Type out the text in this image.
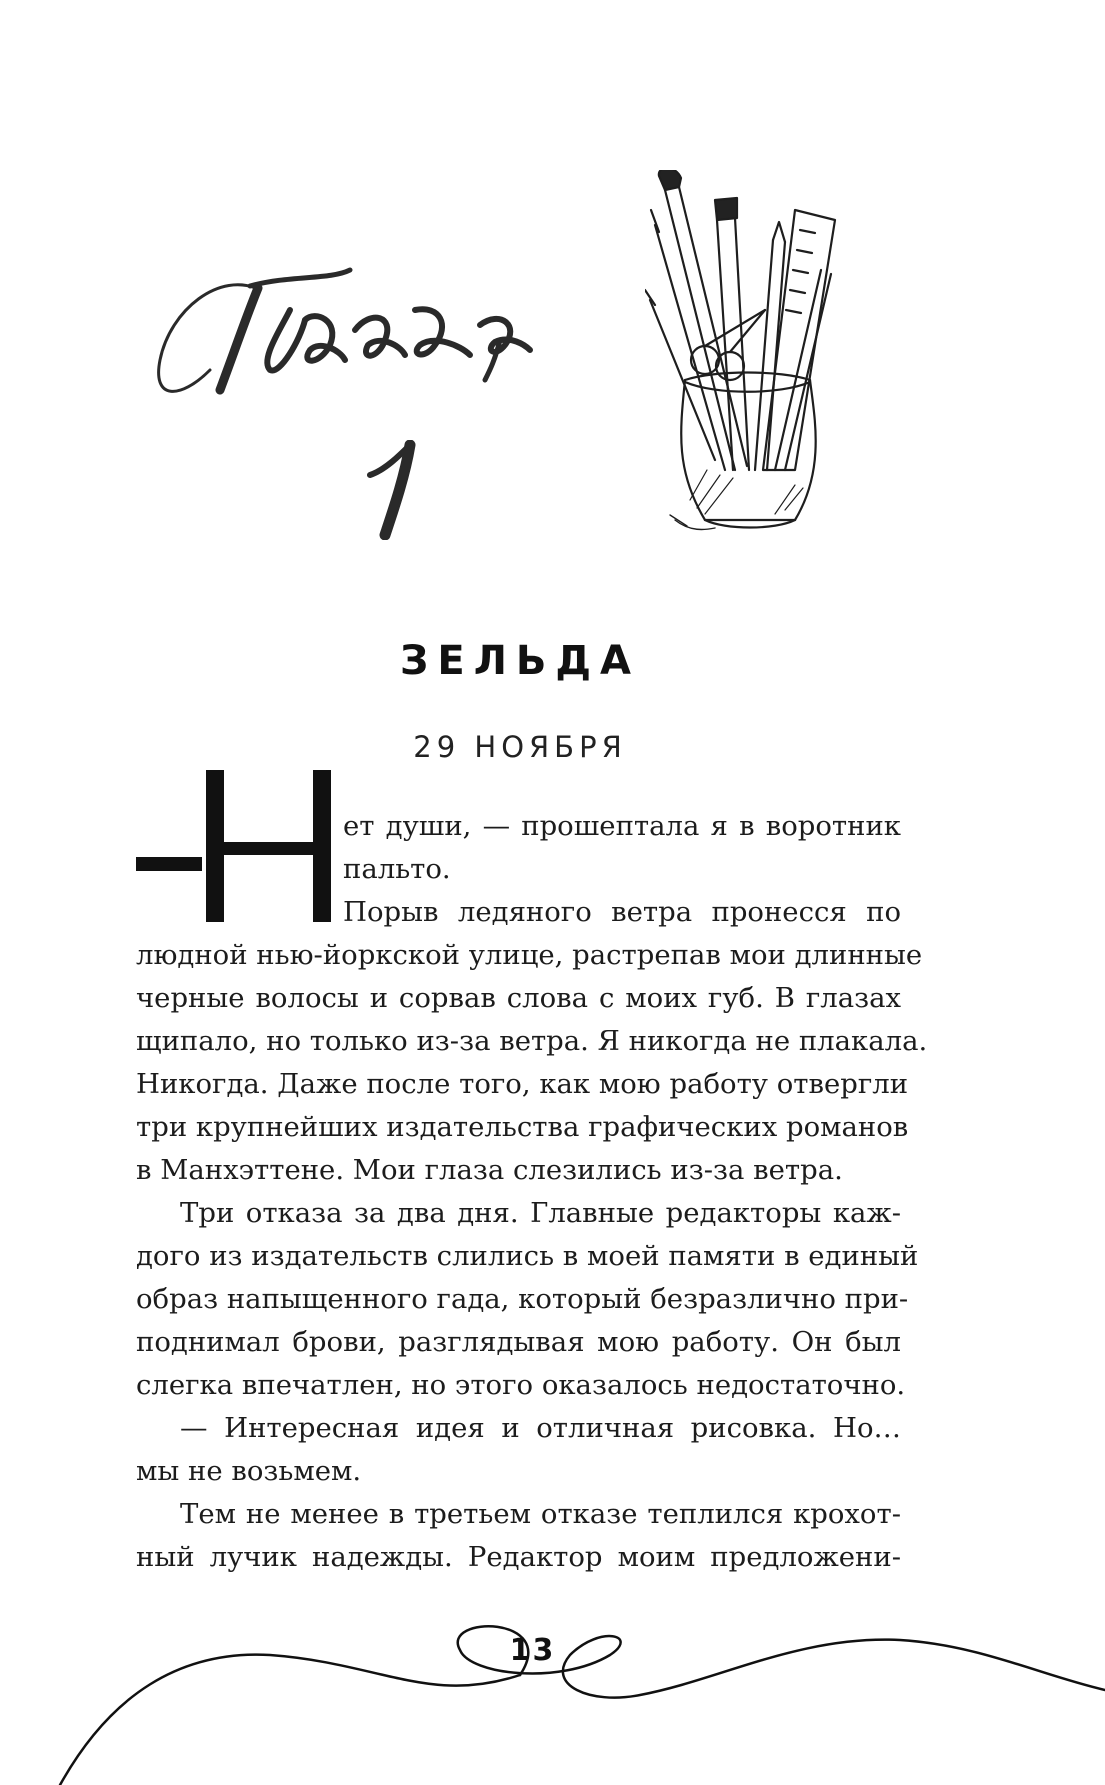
ЗЕЛЬДА
29 НОЯБРЯ
ет души, — прошептала я в воротник
пальто.
Порыв ледяного ветра пронесся по
людной нью-йоркской улице, растрепав мои длинные
черные волосы и сорвав слова с моих губ. В глазах
щипало, но только из-за ветра. Я никогда не плакала.
Никогда. Даже после того, как мою работу отвергли
три крупнейших издательства графических романов
в Манхэттене. Мои глаза слезились из-за ветра.
Три отказа за два дня. Главные редакторы каж-
дого из издательств слились в моей памяти в единый
образ напыщенного гада, который безразлично при-
поднимал брови, разглядывая мою работу. Он был
слегка впечатлен, но этого оказалось недостаточно.
— Интересная идея и отличная рисовка. Но…
мы не возьмем.
Тем не менее в третьем отказе теплился крохот-
ный лучик надежды. Редактор моим предложени-
13
